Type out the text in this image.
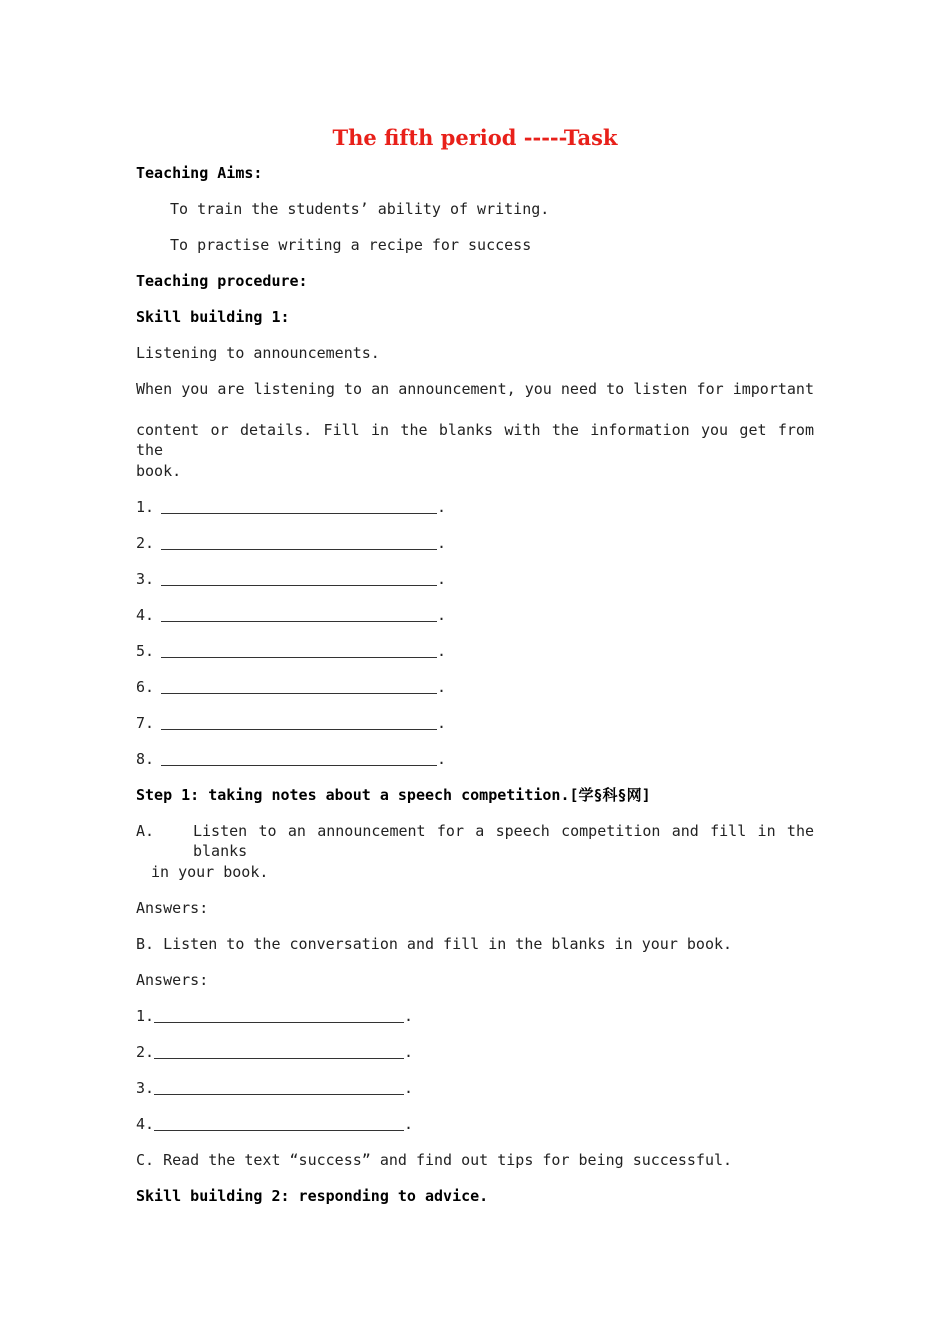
The fifth period -----Task
Teaching Aims:
To train the students’ ability of writing.
To practise writing a recipe for success
Teaching procedure:
Skill building 1:
Listening to announcements.
When you are listening to an announcement, you need to listen for important
content or details. Fill in the blanks with the information you get from the
book.
1.	.
2.	.
3.	.
4.	.
5.	.
6.	.
7.	.
8.	.
Step 1: taking notes about a speech competition.[学§科§网]
A.	Listen to an announcement for a speech competition and fill in the blanks
in your book.
Answers:
B. Listen to the conversation and fill in the blanks in your book.
Answers:
1.	.
2.	.
3.	.
4.	.
C. Read the text “success” and find out tips for being successful.
Skill building 2: responding to advice.
